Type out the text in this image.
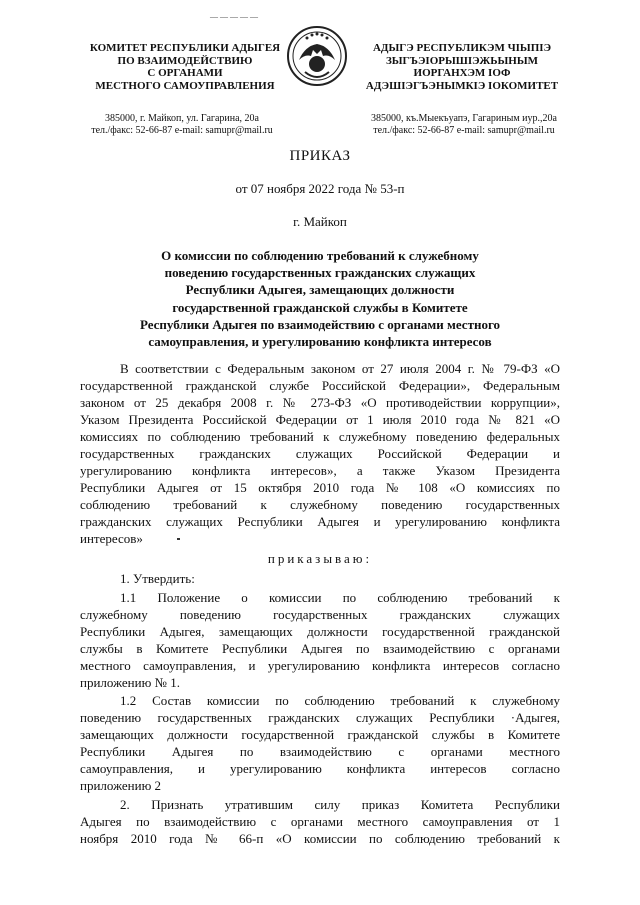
— — — — —
КОМИТЕТ РЕСПУБЛИКИ АДЫГЕЯ
ПО ВЗАИМОДЕЙСТВИЮ
С ОРГАНАМИ
МЕСТНОГО САМОУПРАВЛЕНИЯ
АДЫГЭ РЕСПУБЛИКЭМ ЧIЫПIЭ
ЗЫГЪЭIОРЫШIЭЖЬЫНЫМ
ИОРГАНХЭМ IОФ
АДЭШIЭГЪЭНЫМКIЭ IОКОМИТЕТ
385000, г. Майкоп, ул. Гагарина, 20а
тел./факс: 52-66-87 e-mail: samupr@mail.ru
385000, къ.Мыекъуапэ, Гагариным иур.,20а
тел./факс: 52-66-87 e-mail: samupr@mail.ru
ПРИКАЗ
от 07 ноября 2022 года № 53-п
г. Майкоп
О комиссии по соблюдению требований к служебному
поведению государственных гражданских служащих
Республики Адыгея, замещающих должности
государственной гражданской службы в Комитете
Республики Адыгея по взаимодействию с органами местного
самоуправления, и урегулированию конфликта интересов
В соответствии с Федеральным законом от 27 июля 2004 г. № 79-ФЗ «О
государственной гражданской службе Российской Федерации», Федеральным
законом от 25 декабря 2008 г. № 273-ФЗ «О противодействии коррупции»,
Указом Президента Российской Федерации от 1 июля 2010 года № 821 «О
комиссиях по соблюдению требований к служебному поведению федеральных
государственных гражданских служащих Российской Федерации и
урегулированию конфликта интересов», а также Указом Президента
Республики Адыгея от 15 октября 2010 года № 108 «О комиссиях по
соблюдению требований к служебному поведению государственных
гражданских служащих Республики Адыгея и урегулированию конфликта
интересов»
приказываю:
1. Утвердить:
1.1 Положение о комиссии по соблюдению требований к
служебному поведению государственных гражданских служащих
Республики Адыгея, замещающих должности государственной гражданской
службы в Комитете Республики Адыгея по взаимодействию с органами
местного самоуправления, и урегулированию конфликта интересов согласно
приложению № 1.
1.2 Состав комиссии по соблюдению требований к служебному
поведению государственных гражданских служащих Республики ·Адыгея,
замещающих должности государственной гражданской службы в Комитете
Республики Адыгея по взаимодействию с органами местного
самоуправления, и урегулированию конфликта интересов согласно
приложению 2
2. Признать утратившим силу приказ Комитета Республики
Адыгея по взаимодействию с органами местного самоуправления от 1
ноября 2010 года № 66-п «О комиссии по соблюдению требований к
